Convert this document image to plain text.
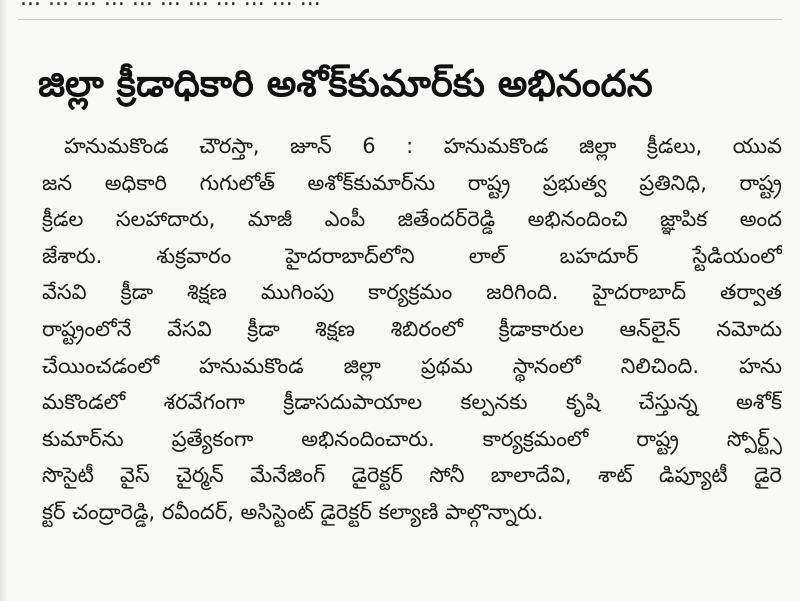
జిల్లా క్రీడాధికారి అశోక్‌కుమార్‌కు అభినందన
హనుమకొండ చౌరస్తా, జూన్ 6 : హనుమకొండ జిల్లా క్రీడలు, యువ
జన అధికారి గుగులోత్ అశోక్‌కుమార్‌ను రాష్ట్ర ప్రభుత్వ ప్రతినిధి, రాష్ట్ర
క్రీడల సలహాదారు, మాజీ ఎంపీ జితేందర్‌రెడ్డి అభినందించి జ్ఞాపిక అంద
జేశారు. శుక్రవారం హైదరాబాద్‌లోని లాల్ బహదూర్ స్టేడియంలో
వేసవి క్రీడా శిక్షణ ముగింపు కార్యక్రమం జరిగింది. హైదరాబాద్ తర్వాత
రాష్ట్రంలోనే వేసవి క్రీడా శిక్షణ శిబిరంలో క్రీడాకారుల ఆన్‌లైన్ నమోదు
చేయించడంలో హనుమకొండ జిల్లా ప్రథమ స్థానంలో నిలిచింది. హను
మకొండలో శరవేగంగా క్రీడాసదుపాయాల కల్పనకు కృషి చేస్తున్న అశోక్
కుమార్‌ను ప్రత్యేకంగా అభినందించారు. కార్యక్రమంలో రాష్ట్ర స్పోర్ట్స్
సొసైటీ వైస్ చైర్మన్ మేనేజింగ్ డైరెక్టర్ సోనీ బాలాదేవి, శాట్ డిప్యూటీ డైరె
క్టర్ చంద్రారెడ్డి, రవీందర్, అసిస్టెంట్ డైరెక్టర్ కల్యాణి పాల్గొన్నారు.
